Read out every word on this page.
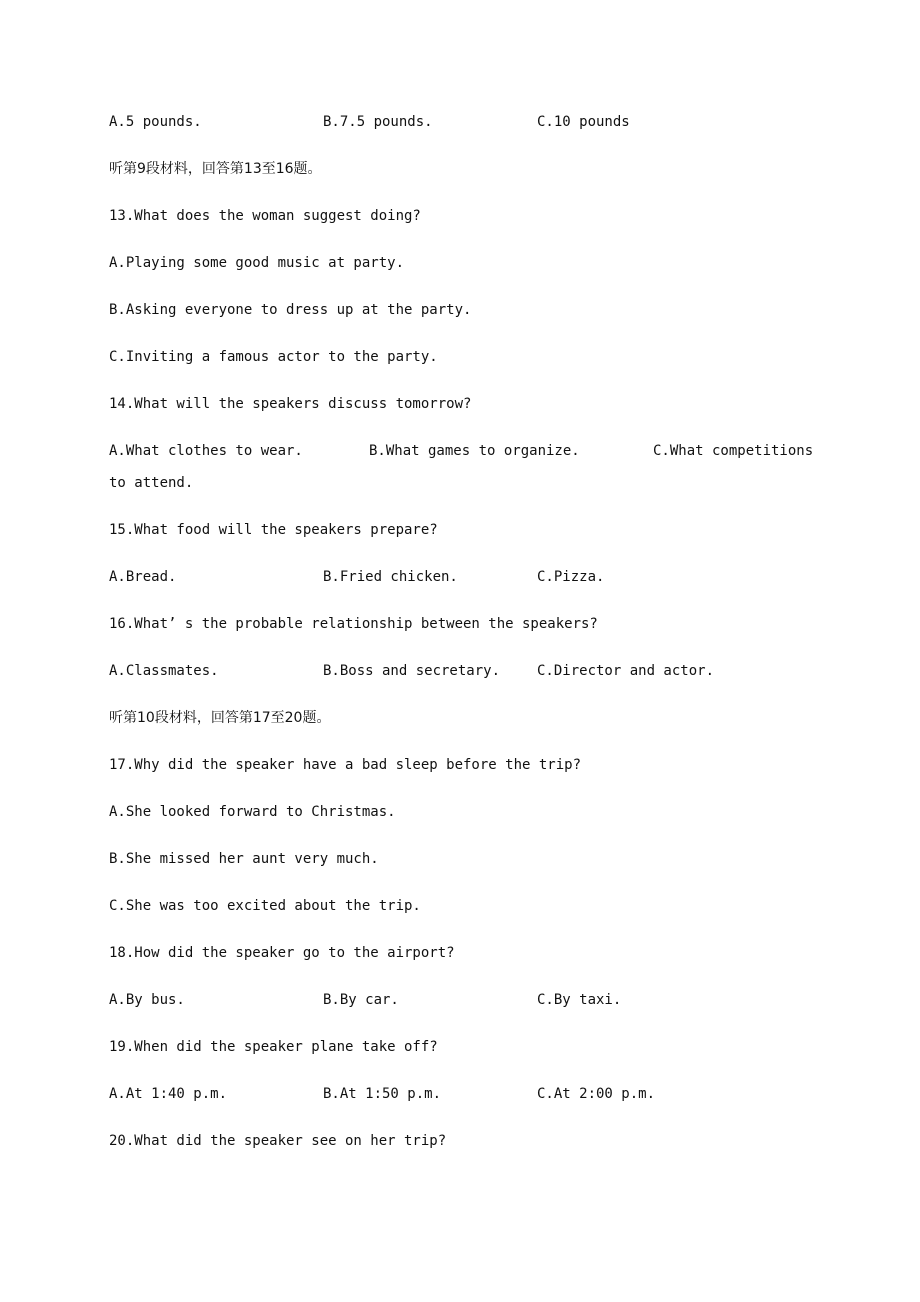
A.5 pounds.	B.7.5 pounds.	C.10 pounds
听第9段材料，回答第13至16题。
13.What does the woman suggest doing?
A.Playing some good music at party.
B.Asking everyone to dress up at the party.
C.Inviting a famous actor to the party.
14.What will the speakers discuss tomorrow?
A.What clothes to wear.	B.What games to organize.	C.What competitions
to attend.
15.What food will the speakers prepare?
A.Bread.	B.Fried chicken.	C.Pizza.
16.What’ s the probable relationship between the speakers?
A.Classmates.	B.Boss and secretary.	C.Director and actor.
听第10段材料，回答第17至20题。
17.Why did the speaker have a bad sleep before the trip?
A.She looked forward to Christmas.
B.She missed her aunt very much.
C.She was too excited about the trip.
18.How did the speaker go to the airport?
A.By bus.	B.By car.	C.By taxi.
19.When did the speaker plane take off?
A.At 1:40 p.m.	B.At 1:50 p.m.	C.At 2:00 p.m.
20.What did the speaker see on her trip?
